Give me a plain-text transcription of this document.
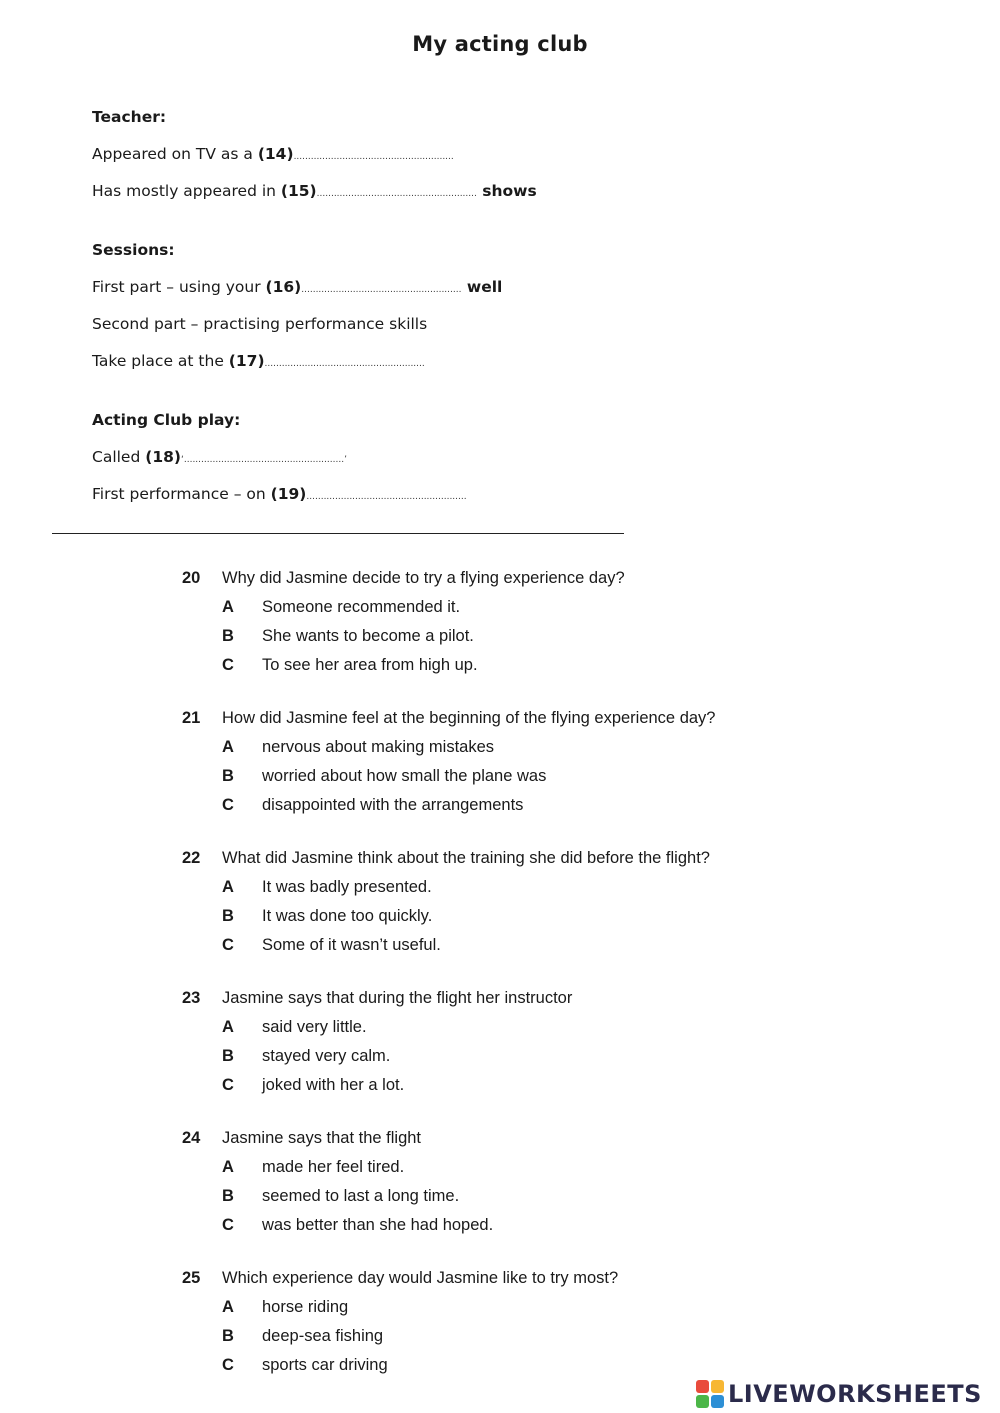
My acting club
Teacher:
Appeared on TV as a (14)........................................................
Has mostly appeared in (15)........................................................ shows
Sessions:
First part – using your (16)........................................................ well
Second part – practising performance skills
Take place at the (17)........................................................
Acting Club play:
Called (18)‘........................................................’
First performance – on (19)........................................................
20 Why did Jasmine decide to try a flying experience day?
A Someone recommended it.
B She wants to become a pilot.
C To see her area from high up.
21 How did Jasmine feel at the beginning of the flying experience day?
A nervous about making mistakes
B worried about how small the plane was
C disappointed with the arrangements
22 What did Jasmine think about the training she did before the flight?
A It was badly presented.
B It was done too quickly.
C Some of it wasn’t useful.
23 Jasmine says that during the flight her instructor
A said very little.
B stayed very calm.
C joked with her a lot.
24 Jasmine says that the flight
A made her feel tired.
B seemed to last a long time.
C was better than she had hoped.
25 Which experience day would Jasmine like to try most?
A horse riding
B deep-sea fishing
C sports car driving
LIVEWORKSHEETS
